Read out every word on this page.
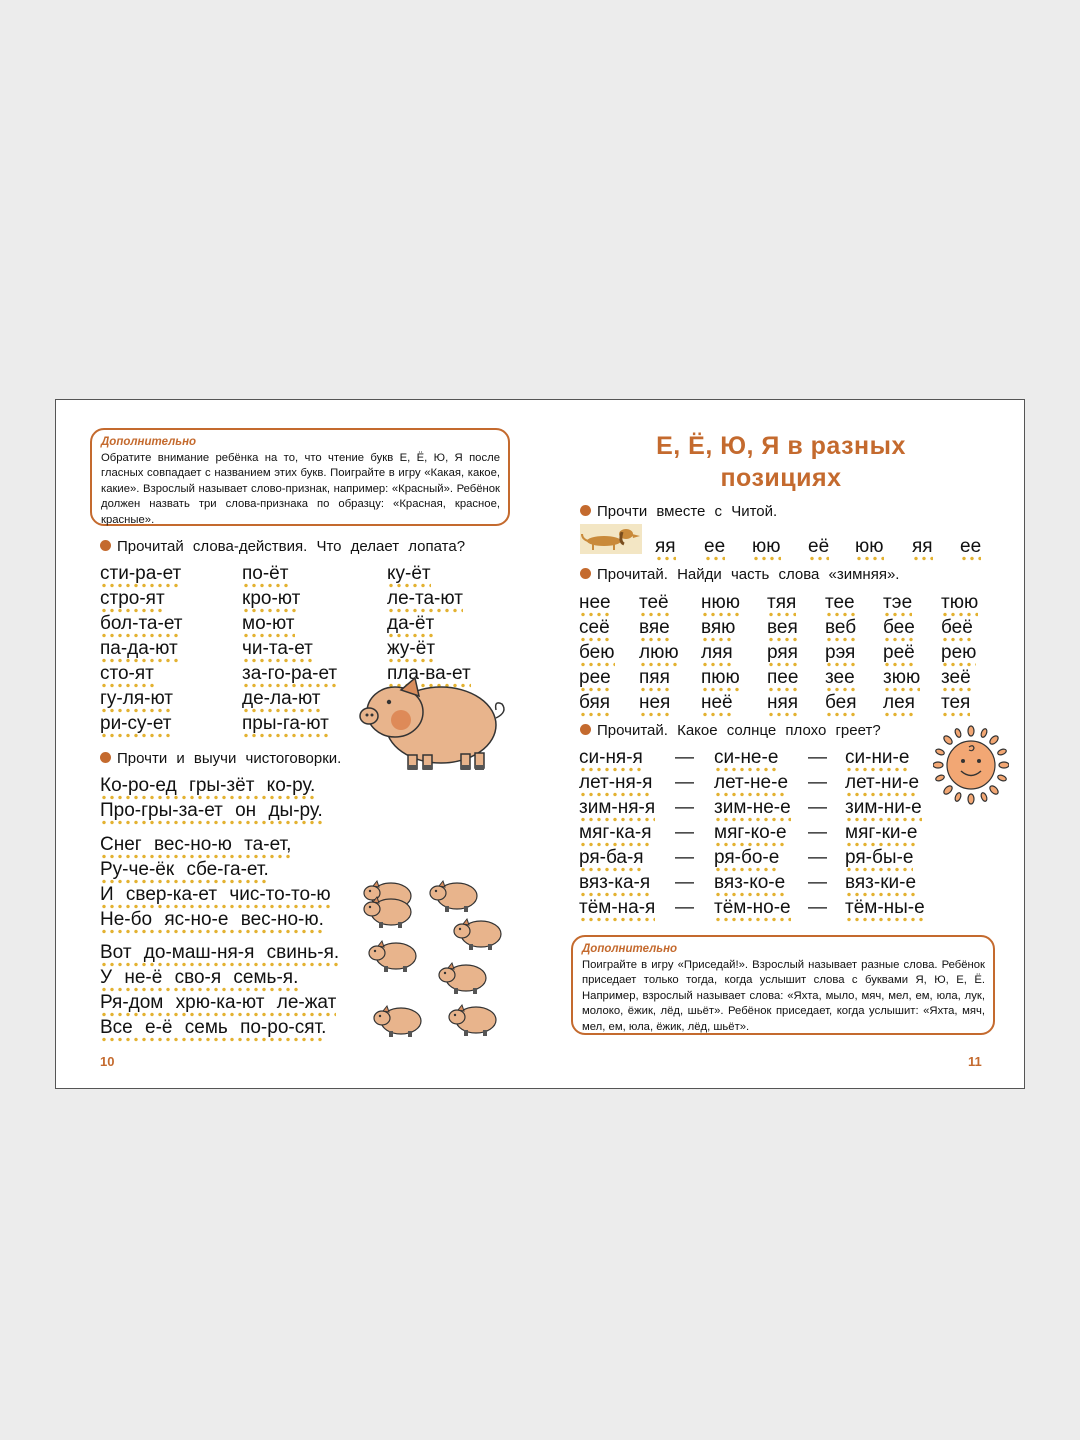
Дополнительно
Обратите внимание ребёнка на то, что чтение букв Е, Ё, Ю, Я после гласных совпадает с названием этих букв. Поиграйте в игру «Какая, какое, какие». Взрослый называет слово-признак, например: «Красный». Ребёнок должен назвать три слова-признака по образцу: «Красная, красное, красные».
Прочитай слова-действия. Что делает лопата?
сти-ра-ет
стро-ят
бол-та-ет
па-да-ют
сто-ят
гу-ля-ют
ри-су-ет
по-ёт
кро-ют
мо-ют
чи-та-ет
за-го-ра-ет
де-ла-ют
пры-га-ют
ку-ёт
ле-та-ют
да-ёт
жу-ёт
пла-ва-ет
Прочти и выучи чистоговорки.
Ко-ро-ед гры-зёт ко-ру.
Про-гры-за-ет он ды-ру.
Снег вес-но-ю та-ет,
Ру-че-ёк сбе-га-ет.
И свер-ка-ет чис-то-то-ю
Не-бо яс-но-е вес-но-ю.
Вот до-маш-ня-я свинь-я.
У не-ё сво-я семь-я.
Ря-дом хрю-ка-ют ле-жат
Все е-ё семь по-ро-сят.
10
Е, Ё, Ю, Я в разных
позициях
Прочти вместе с Читой.
яя ее юю её юю яя ее
Прочитай. Найди часть слова «зимняя».
нее теё нюю тяя тее тэе тюю
сеё вяе вяю вея веб бее беё
бею люю ляя ряя рэя реё рею
рее пяя пюю пее зее зюю зеё
бяя нея неё няя бея лея тея
Прочитай. Какое солнце плохо греет?
си-ня-я — си-не-е — си-ни-е
лет-ня-я — лет-не-е — лет-ни-е
зим-ня-я — зим-не-е — зим-ни-е
мяг-ка-я — мяг-ко-е — мяг-ки-е
ря-ба-я — ря-бо-е — ря-бы-е
вяз-ка-я — вяз-ко-е — вяз-ки-е
тём-на-я — тём-но-е — тём-ны-е
Дополнительно
Поиграйте в игру «Приседай!». Взрослый называет разные слова. Ребёнок приседает только тогда, когда услышит слова с буквами Я, Ю, Е, Ё. Например, взрослый называет слова: «Яхта, мыло, мяч, мел, ем, юла, лук, молоко, ёжик, лёд, шьёт». Ребёнок приседает, когда услышит: «Яхта, мяч, мел, ем, юла, ёжик, лёд, шьёт».
11
